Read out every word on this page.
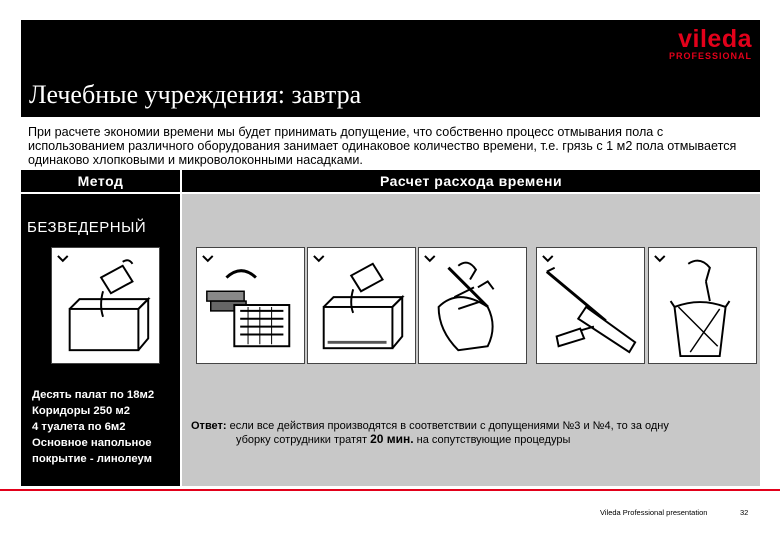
Лечебные учреждения: завтра
vileda
PROFESSIONAL
При расчете экономии времени мы будет принимать допущение, что собственно процесс отмывания пола с использованием различного оборудования занимает одинаковое количество времени, т.е. грязь с 1 м2 пола отмывается одинаково хлопковыми и микроволоконными насадками.
Метод	Расчет расхода времени
БЕЗВЕДЕРНЫЙ
Десять палат по 18м2
Коридоры 250 м2
4 туалета по 6м2
Основное напольное покрытие - линолеум
Ответ: если все действия производятся в соответствии с допущениями №3 и №4, то за одну
уборку сотрудники тратят 20 мин. на сопутствующие процедуры
Vileda Professional presentation	32
